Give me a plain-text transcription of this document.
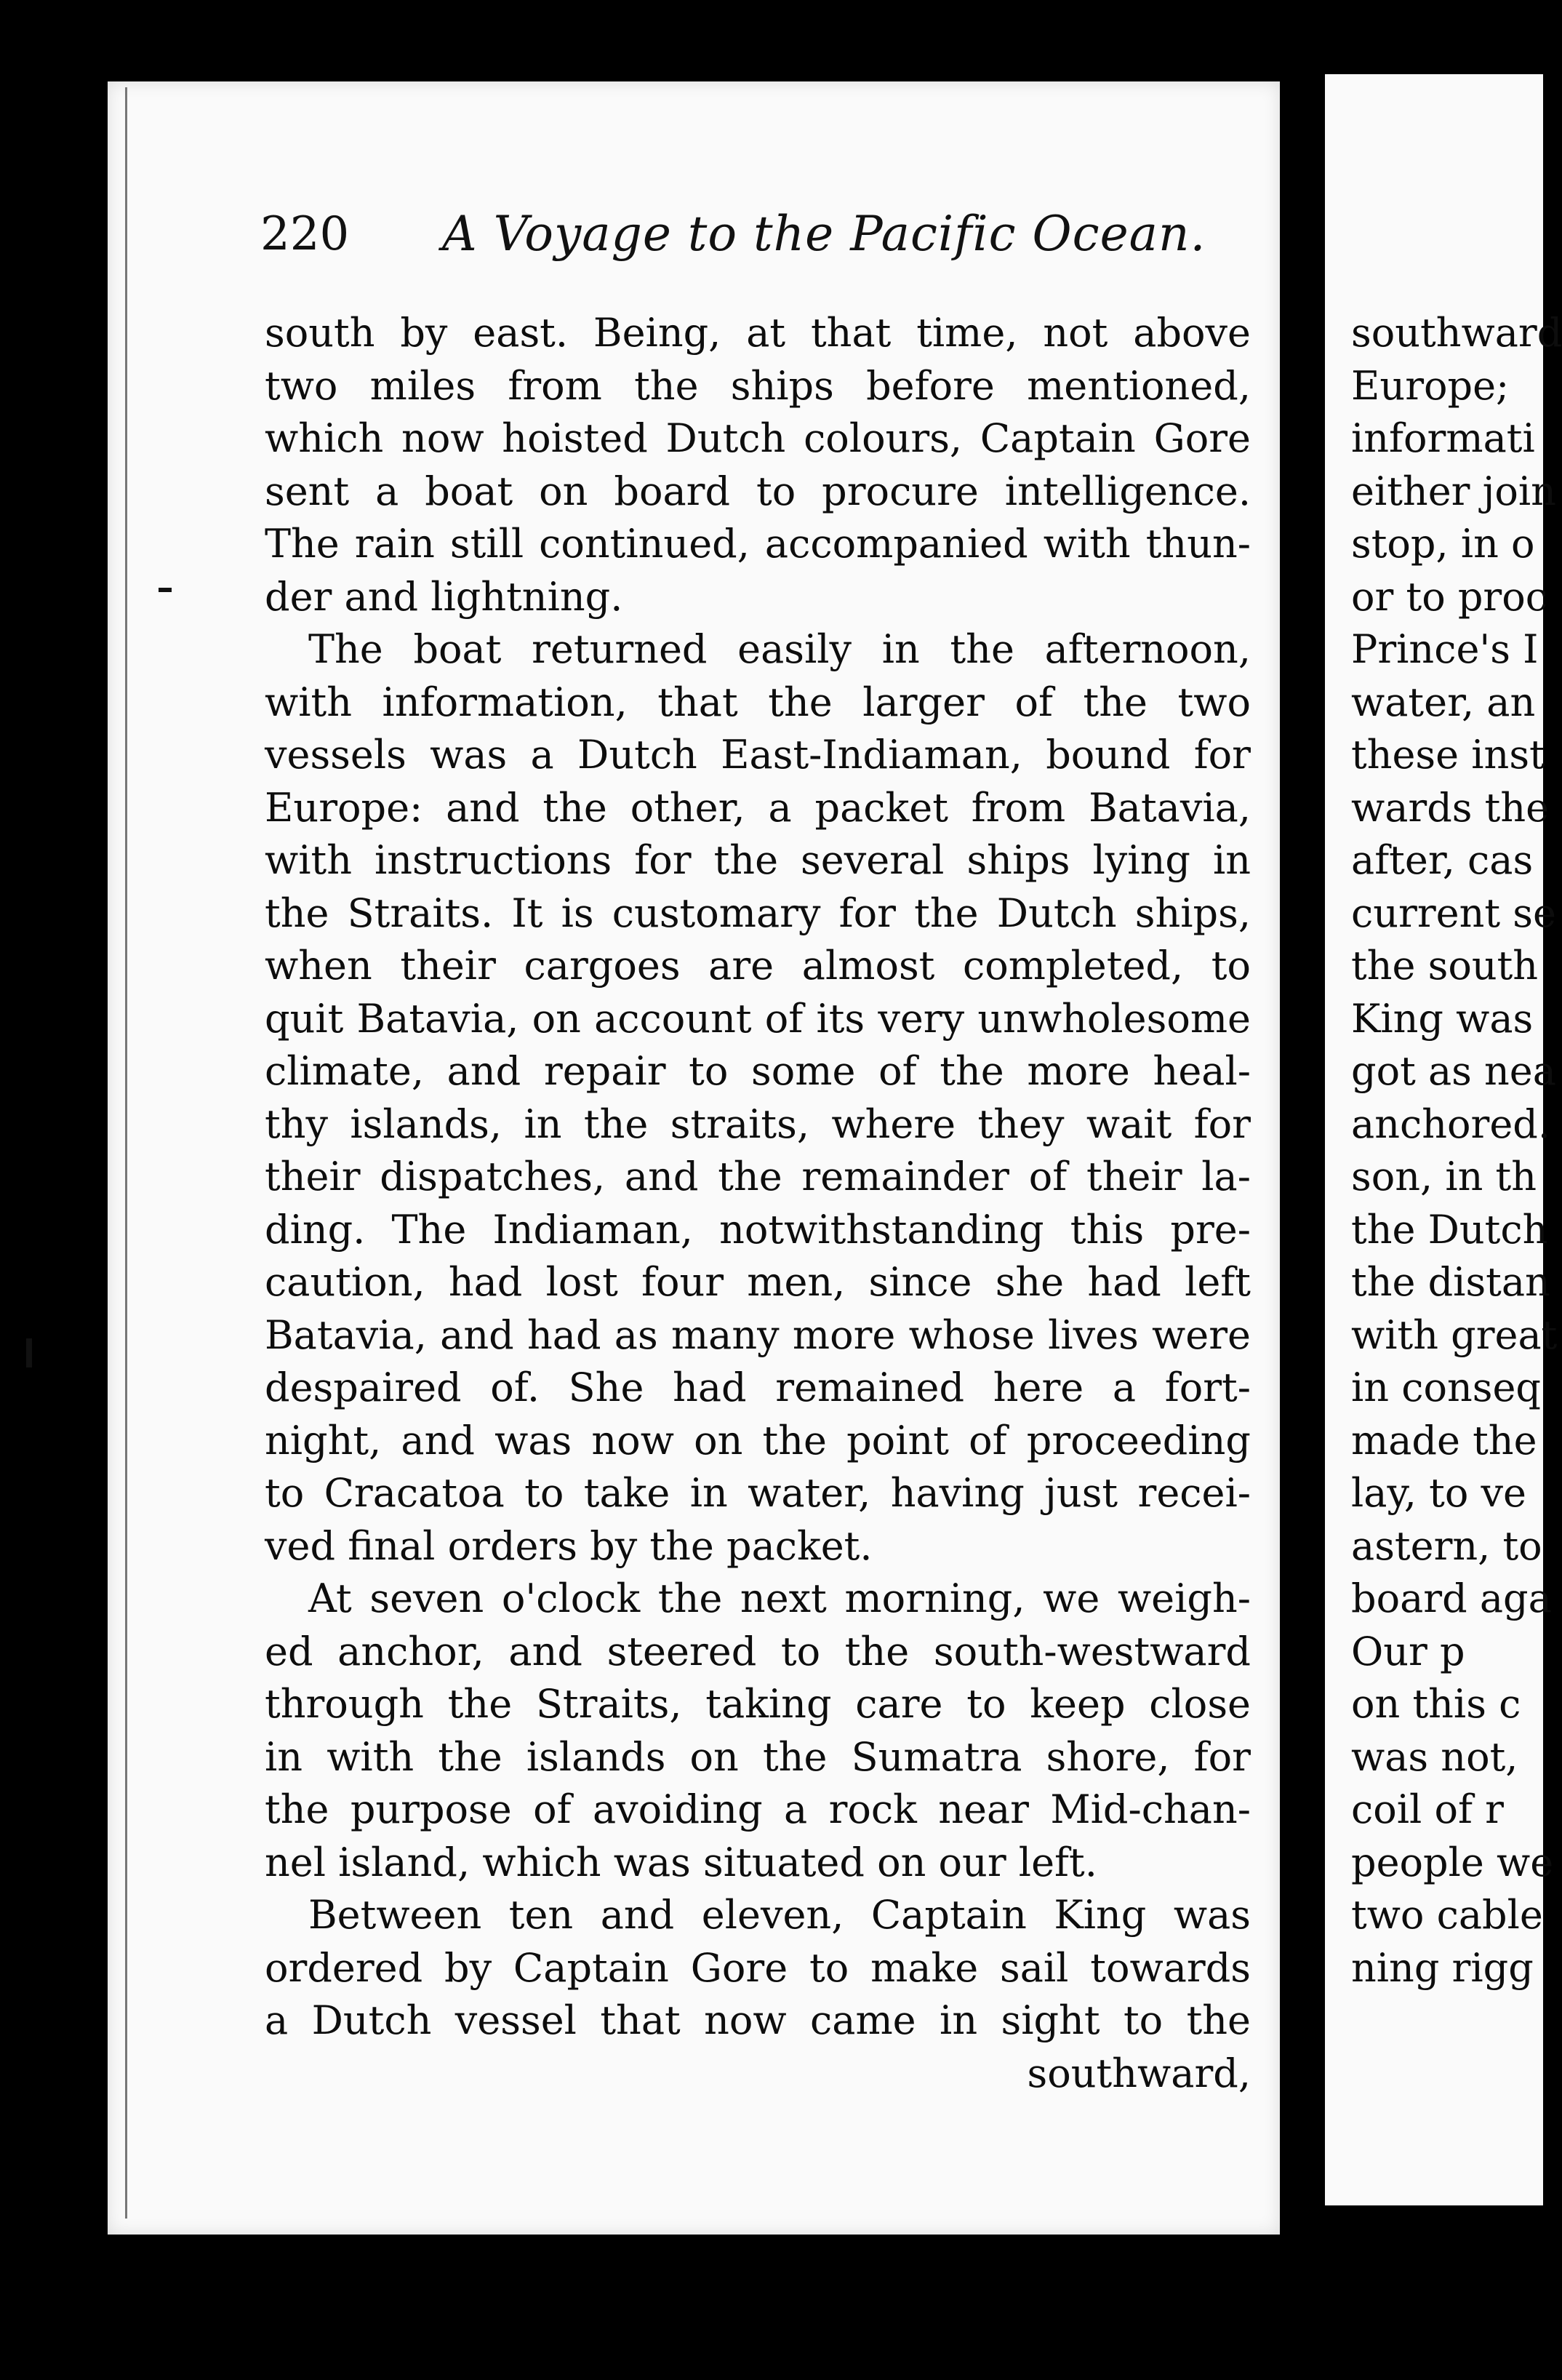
220 A Voyage to the Pacific Ocean.
south by east. Being, at that time, not above
two miles from the ships before mentioned,
which now hoisted Dutch colours, Captain Gore
sent a boat on board to procure intelligence.
The rain still continued, accompanied with thun-
der and lightning.
The boat returned easily in the afternoon,
with information, that the larger of the two
vessels was a Dutch East-Indiaman, bound for
Europe: and the other, a packet from Batavia,
with instructions for the several ships lying in
the Straits. It is customary for the Dutch ships,
when their cargoes are almost completed, to
quit Batavia, on account of its very unwholesome
climate, and repair to some of the more heal-
thy islands, in the straits, where they wait for
their dispatches, and the remainder of their la-
ding. The Indiaman, notwithstanding this pre-
caution, had lost four men, since she had left
Batavia, and had as many more whose lives were
despaired of. She had remained here a fort-
night, and was now on the point of proceeding
to Cracatoa to take in water, having just recei-
ved final orders by the packet.
At seven o'clock the next morning, we weigh-
ed anchor, and steered to the south-westward
through the Straits, taking care to keep close
in with the islands on the Sumatra shore, for
the purpose of avoiding a rock near Mid-chan-
nel island, which was situated on our left.
Between ten and eleven, Captain King was
ordered by Captain Gore to make sail towards
a Dutch vessel that now came in sight to the
southward,
southward
Europe;
informati
either join
stop, in o
or to proc
Prince's I
water, an
these inst
wards the
after, cas
current se
the south
King was
got as nea
anchored.
son, in th
the Dutch
the distan
with great
in conseq
made the
lay, to ve
astern, to
board aga
Our p
on this c
was not,
coil of r
people we
two cable
ning rigg
